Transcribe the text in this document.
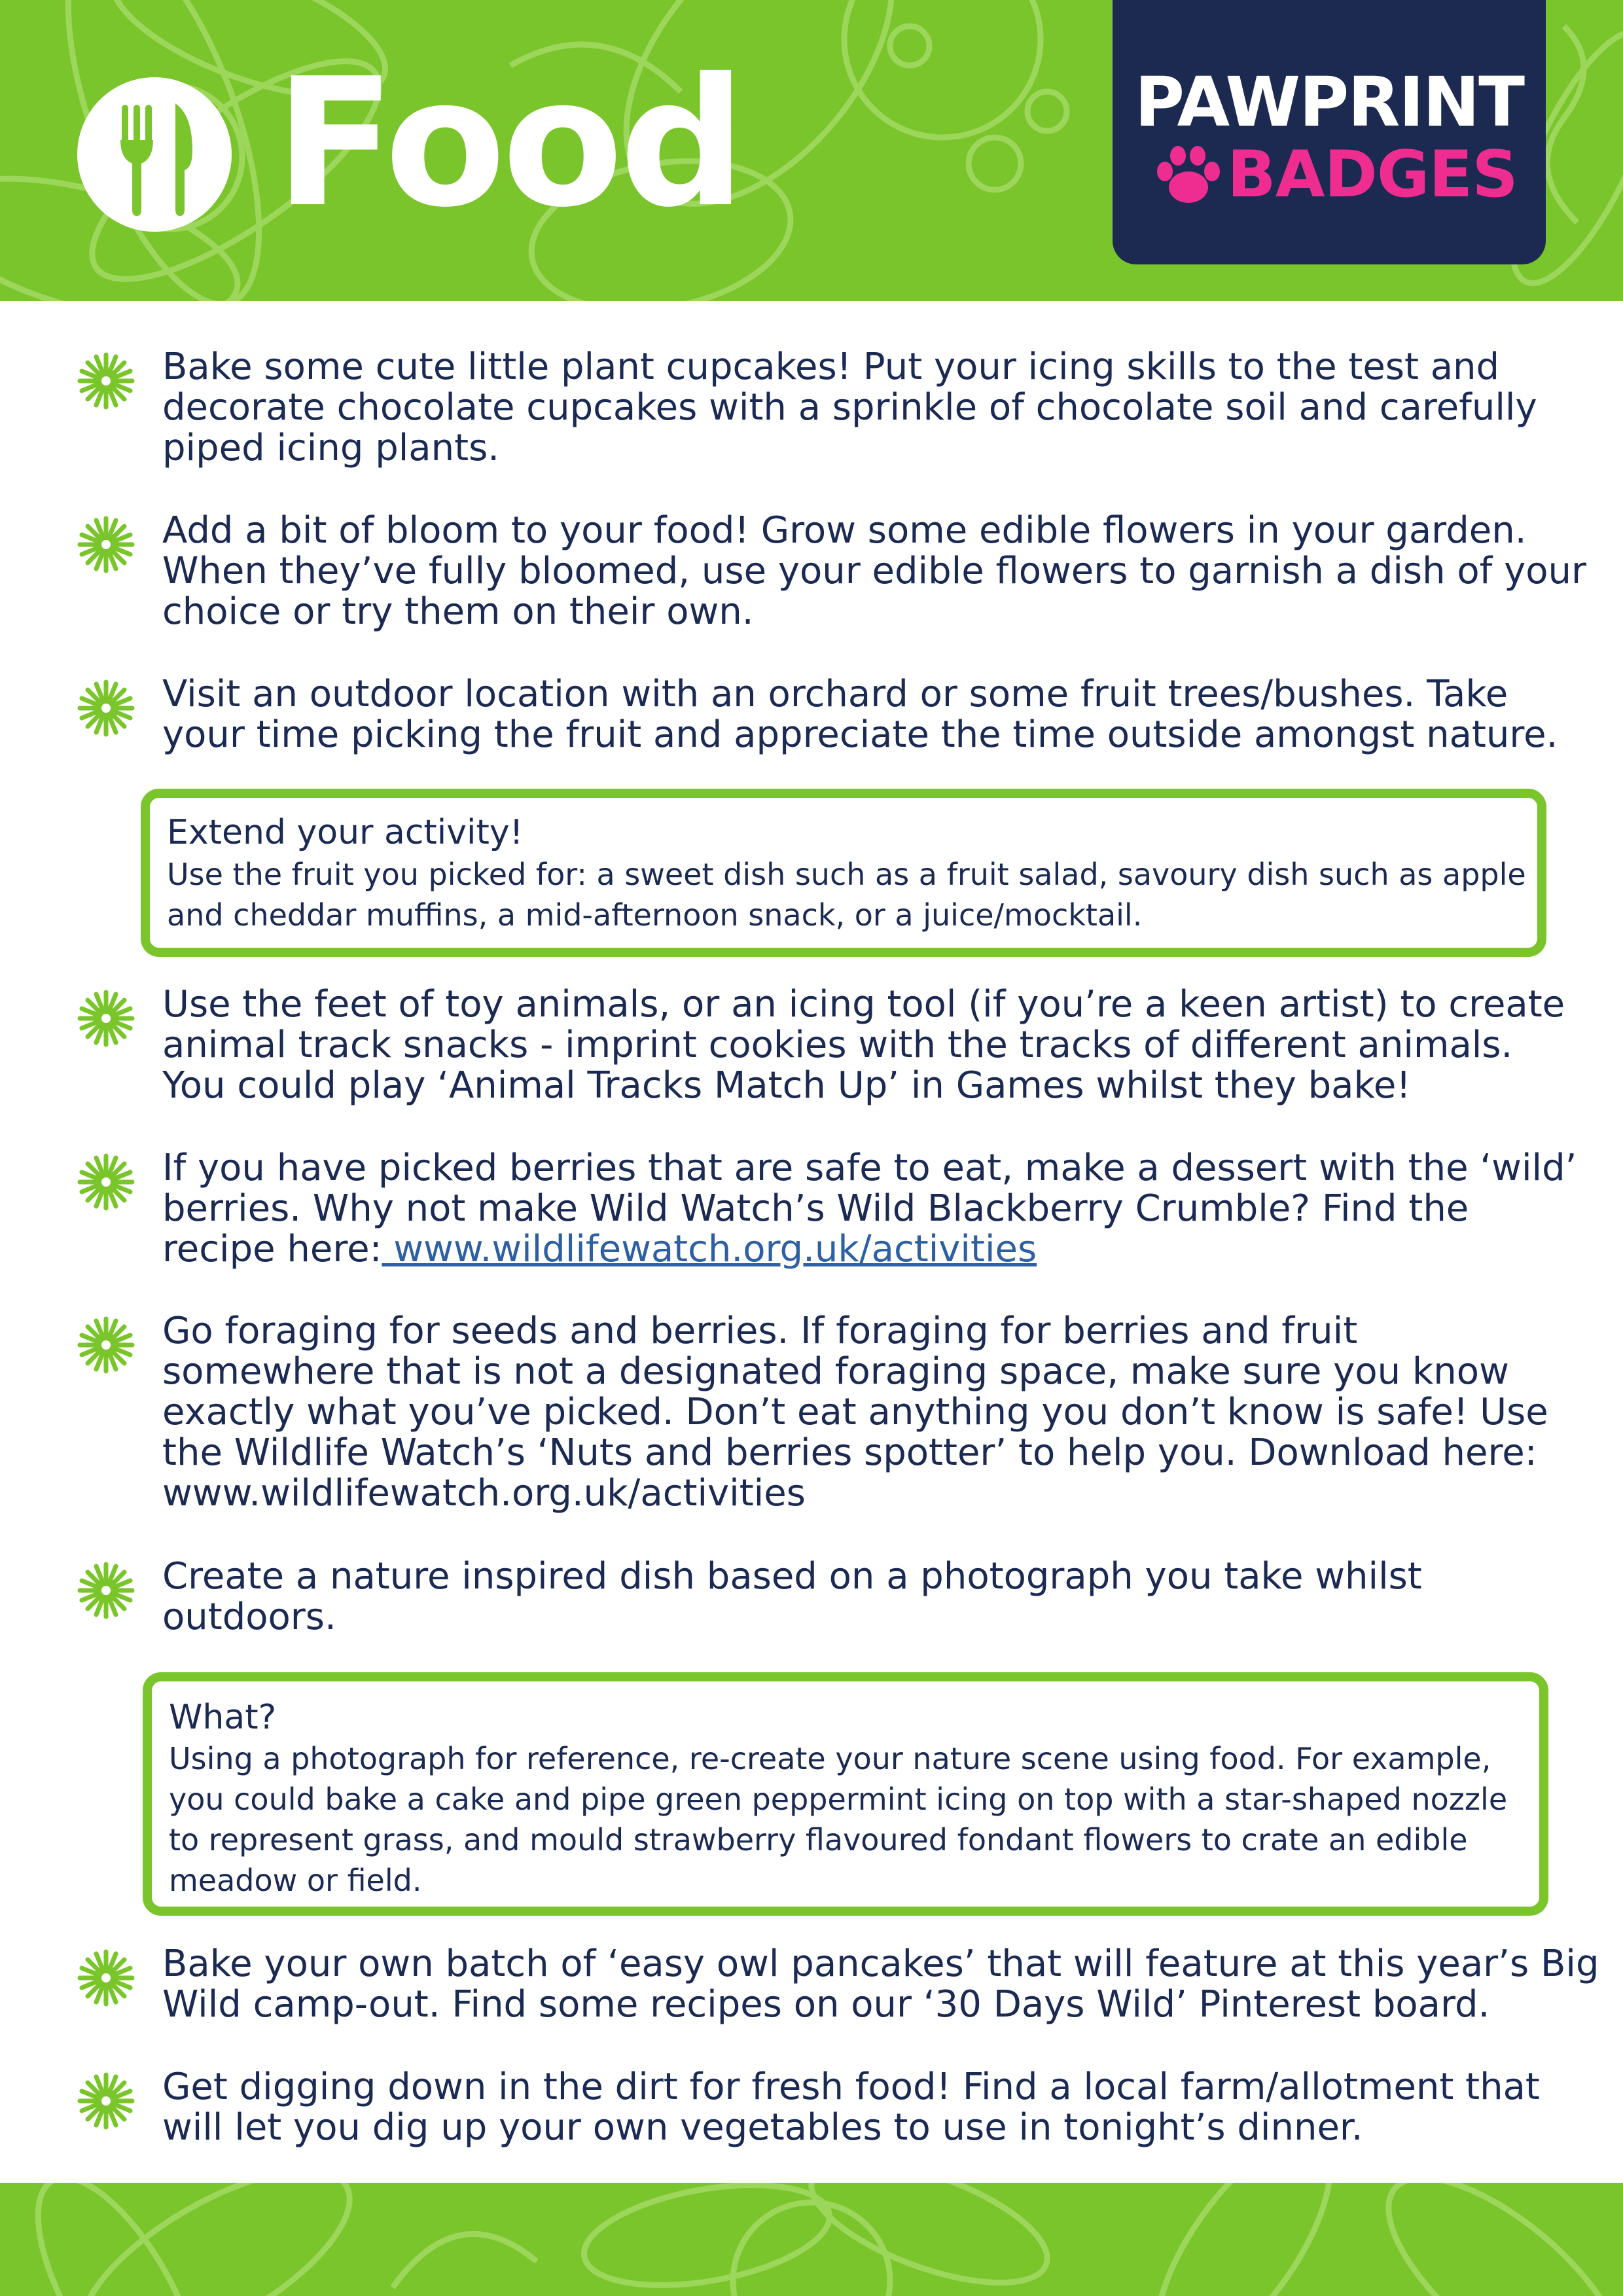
Food	PAWPRINT
BADGES
Bake some cute little plant cupcakes! Put your icing skills to the test and
decorate chocolate cupcakes with a sprinkle of chocolate soil and carefully
piped icing plants.
Add a bit of bloom to your food! Grow some edible flowers in your garden.
When they’ve fully bloomed, use your edible flowers to garnish a dish of your
choice or try them on their own.
Visit an outdoor location with an orchard or some fruit trees/bushes. Take
your time picking the fruit and appreciate the time outside amongst nature.
Extend your activity!
Use the fruit you picked for: a sweet dish such as a fruit salad, savoury dish such as apple
and cheddar muffins, a mid-afternoon snack, or a juice/mocktail.
Use the feet of toy animals, or an icing tool (if you’re a keen artist) to create
animal track snacks - imprint cookies with the tracks of different animals.
You could play ‘Animal Tracks Match Up’ in Games whilst they bake!
If you have picked berries that are safe to eat, make a dessert with the ‘wild’
berries. Why not make Wild Watch’s Wild Blackberry Crumble? Find the
recipe here: www.wildlifewatch.org.uk/activities
Go foraging for seeds and berries. If foraging for berries and fruit
somewhere that is not a designated foraging space, make sure you know
exactly what you’ve picked. Don’t eat anything you don’t know is safe! Use
the Wildlife Watch’s ‘Nuts and berries spotter’ to help you. Download here:
www.wildlifewatch.org.uk/activities
Create a nature inspired dish based on a photograph you take whilst
outdoors.
What?
Using a photograph for reference, re-create your nature scene using food. For example,
you could bake a cake and pipe green peppermint icing on top with a star-shaped nozzle
to represent grass, and mould strawberry flavoured fondant flowers to crate an edible
meadow or field.
Bake your own batch of ‘easy owl pancakes’ that will feature at this year’s Big
Wild camp-out. Find some recipes on our ‘30 Days Wild’ Pinterest board.
Get digging down in the dirt for fresh food! Find a local farm/allotment that
will let you dig up your own vegetables to use in tonight’s dinner.
